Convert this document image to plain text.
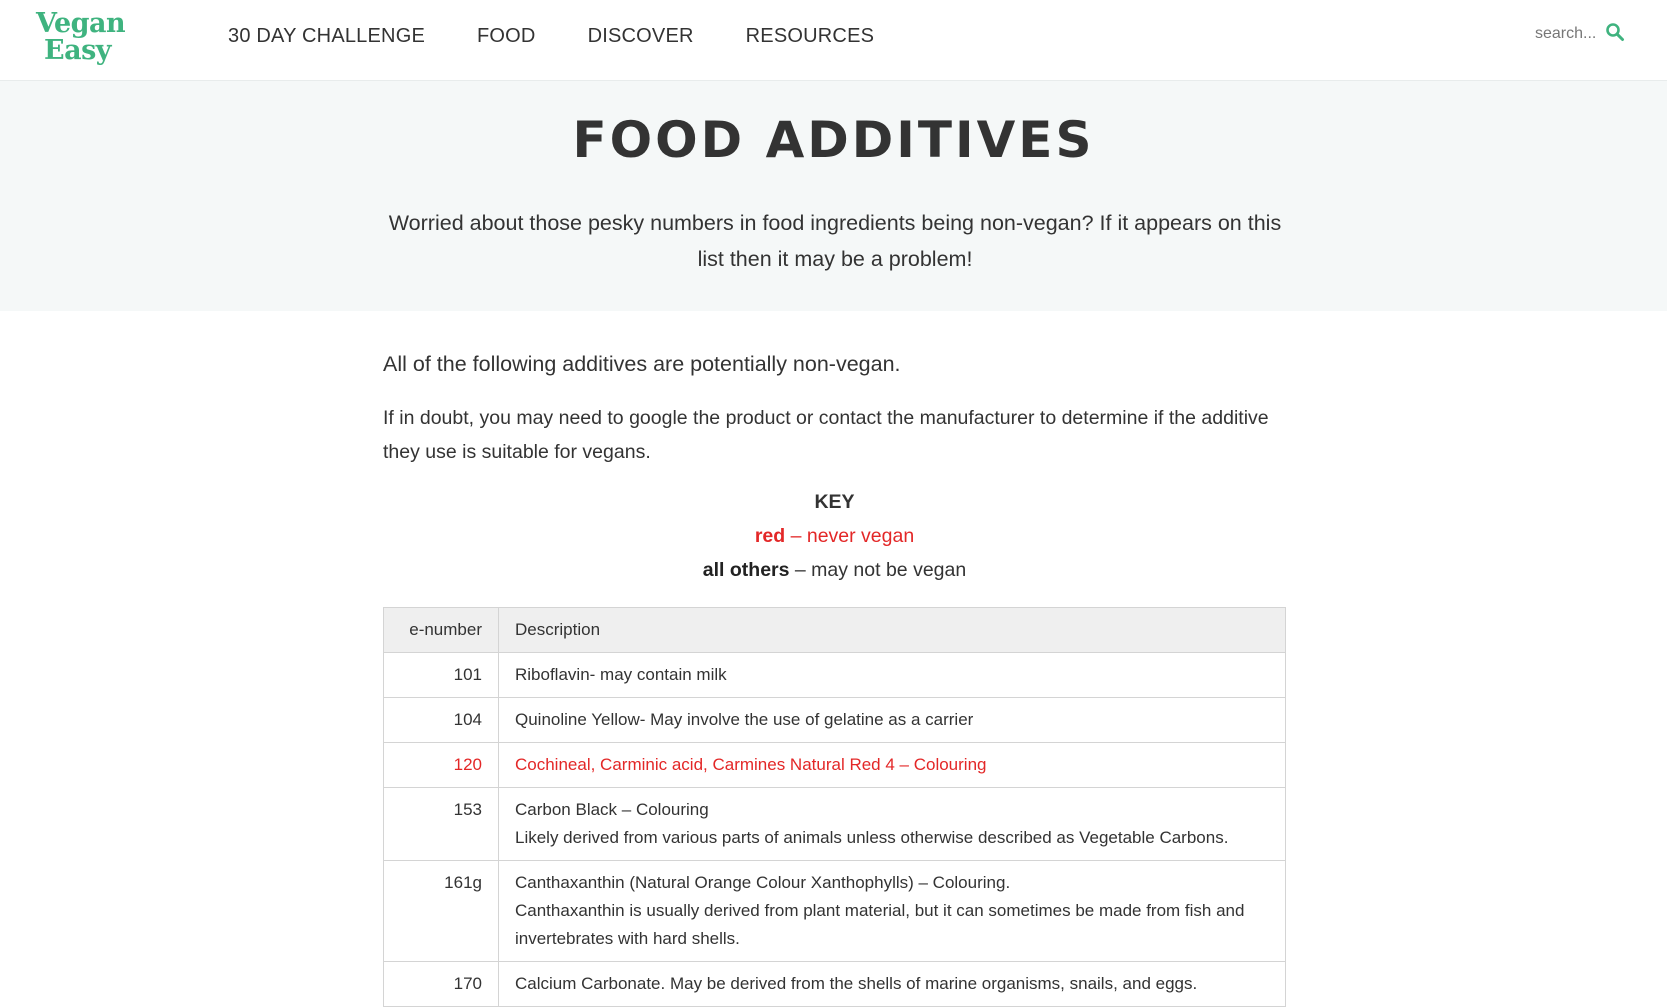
Vegan
Easy	30 DAY CHALLENGE	FOOD	DISCOVER	RESOURCES
search...
FOOD ADDITIVES

Worried about those pesky numbers in food ingredients being non-vegan? If it appears on this list then it may be a problem!

All of the following additives are potentially non-vegan.

If in doubt, you may need to google the product or contact the manufacturer to determine if the additive they use is suitable for vegans.

KEY
red – never vegan
all others – may not be vegan
e-number	Description
101	Riboflavin- may contain milk
104	Quinoline Yellow- May involve the use of gelatine as a carrier
120	Cochineal, Carminic acid, Carmines Natural Red 4 – Colouring
153	Carbon Black – Colouring
Likely derived from various parts of animals unless otherwise described as Vegetable Carbons.
161g	Canthaxanthin (Natural Orange Colour Xanthophylls) – Colouring.
Canthaxanthin is usually derived from plant material, but it can sometimes be made from fish and invertebrates with hard shells.
170	Calcium Carbonate. May be derived from the shells of marine organisms, snails, and eggs.
